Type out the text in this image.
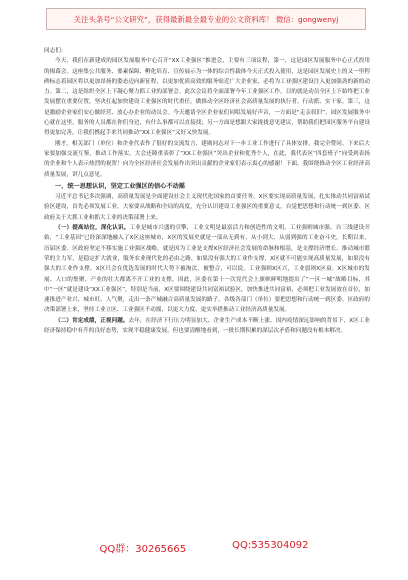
关注头条号“公文研究”，获得最新最全最专业的公文资料库！ 微信：gongwenyj

同志们：

今天，我们在新建成的园区发展服务中心召开“XX工业强区”推进会，主要有三项议程，第一，这是园区发展服务中心正式投用的揭幕会。这座集公共服务、要素保障、孵化培育、宣传展示为一体的综合性载体今天正式投入使用，这是园区发展史上的又一里程碑标志着园区将以更加昂扬的姿态迈向新征程，以更加优质高效的服务贴近广大企业家，必将为工业强区建设注入更加强劲的新的动力。第二，这是组织全区上下凝心聚力抓工业的部署会。此次会议将全面部署今年工业强区工作，目的就是动员全区上下始终把工业发展摆在重要位置，坚决扛起加快建设工业强区的时代重任，做推动全区经济社会高质量发展的执行者、行动派、实干家。第三，这是激励企业家们安心做经营、放心办企业的动员会。今天邀请全区企业家们同唱发展好声音，一方面是“走亲叙旧”，园区发展服务中心就在这里，服务的人员都在你们身边，有什么事都可以直接找；另一方面是想跟大家拢拢意见建议，帮助我们把园区服务平台建设得更加完善，让我们携起手来共同推动“XX工业强区”又好又快发展。

刚才，相关部门（单位）和企业代表作了很好的交流发言，建勋同志对下一步工业工作进行了具体安排，我完全赞同。下来后大家要加强交流互鉴，推动工作落实。大会还隆重表彰了“XX工业强区”突出企业和优秀个人，在此，我代表区“四套班子”向受到表扬的企业和个人表示热烈的祝贺！向为全区经济社会发展作出突出贡献的企业家们表示衷心的感谢！下面，我围绕推动全区工业经济高质量发展，讲几点意见。

一、统一思想认识，坚定工业强区的信心不动摇

习近平总书记多次强调，高质量发展是全面建设社会主义现代化国家的首要任务。X区要实现高质量发展，扎实推动共同富裕试验区建设，首先必须发展工业，大家要从战略和全局的高度，充分认识建设工业强区的重要意义，自觉把思想和行动统一到区委、区政府关于大抓工业和抓大工业的决策部署上来。

（一）提高站位，深化认识。工业是城市兴盛的引擎，工业文明是最富活力和创造性的文明。工业强则城市强。自三线建设开始，“工业基因”已经深深地融入了X区这座城市，X区的发展史就是一部从无到有、从小到大、从弱到强的工业奋斗史，长期以来，历届区委、区政府坚定不移实施工业强区战略，就是因为工业是支撑X区经济社会发展的命脉和根基，是支撑经济增长、推动城市繁荣的主力军，是稳定扩大就业，服务农业现代化的必由之路，如果没有强大的工业作支撑，X区就不可能实现高质量发展，如果没有强大的工业作支撑，X区只会在优选发展的时代大势下被淘汰，被整合，可以说，工业强则X区兴，工业弱则X区衰。X区城市的发展、人口的集聚、产业的壮大都离不开工业的支撑，因此，区委在第十一次党代会上旗帜鲜明地提出了“一区一城”战略目标，其中“一区”就是建设“XX工业强区”，特别是当前，X区要围绕建设共同富裕试验区，加快推进共同富裕，必须把工业发展放在首位，加速推进产业兴、城市旺、人气聚，走出一条产城融合高质量发展的路子。各级各部门（单位）要把思想和行动统一到区委、区政府的决策部署上来，坚持工业立区、工业强区不动摇，以更大力度、更实举措推动工业经济高质量发展。

（二）肯定成绩，正视问题。去年，在经济下行压力明显加大、企业生产成本不断上涨、国内疫情深远影响的背景下，X区工业经济保持稳中有升的良好态势，实现平稳健康发展，但也要清醒地看到，一批长期积累的深层次矛盾和问题没有根本解决。

QQ群：30265665	QQ:535304092
